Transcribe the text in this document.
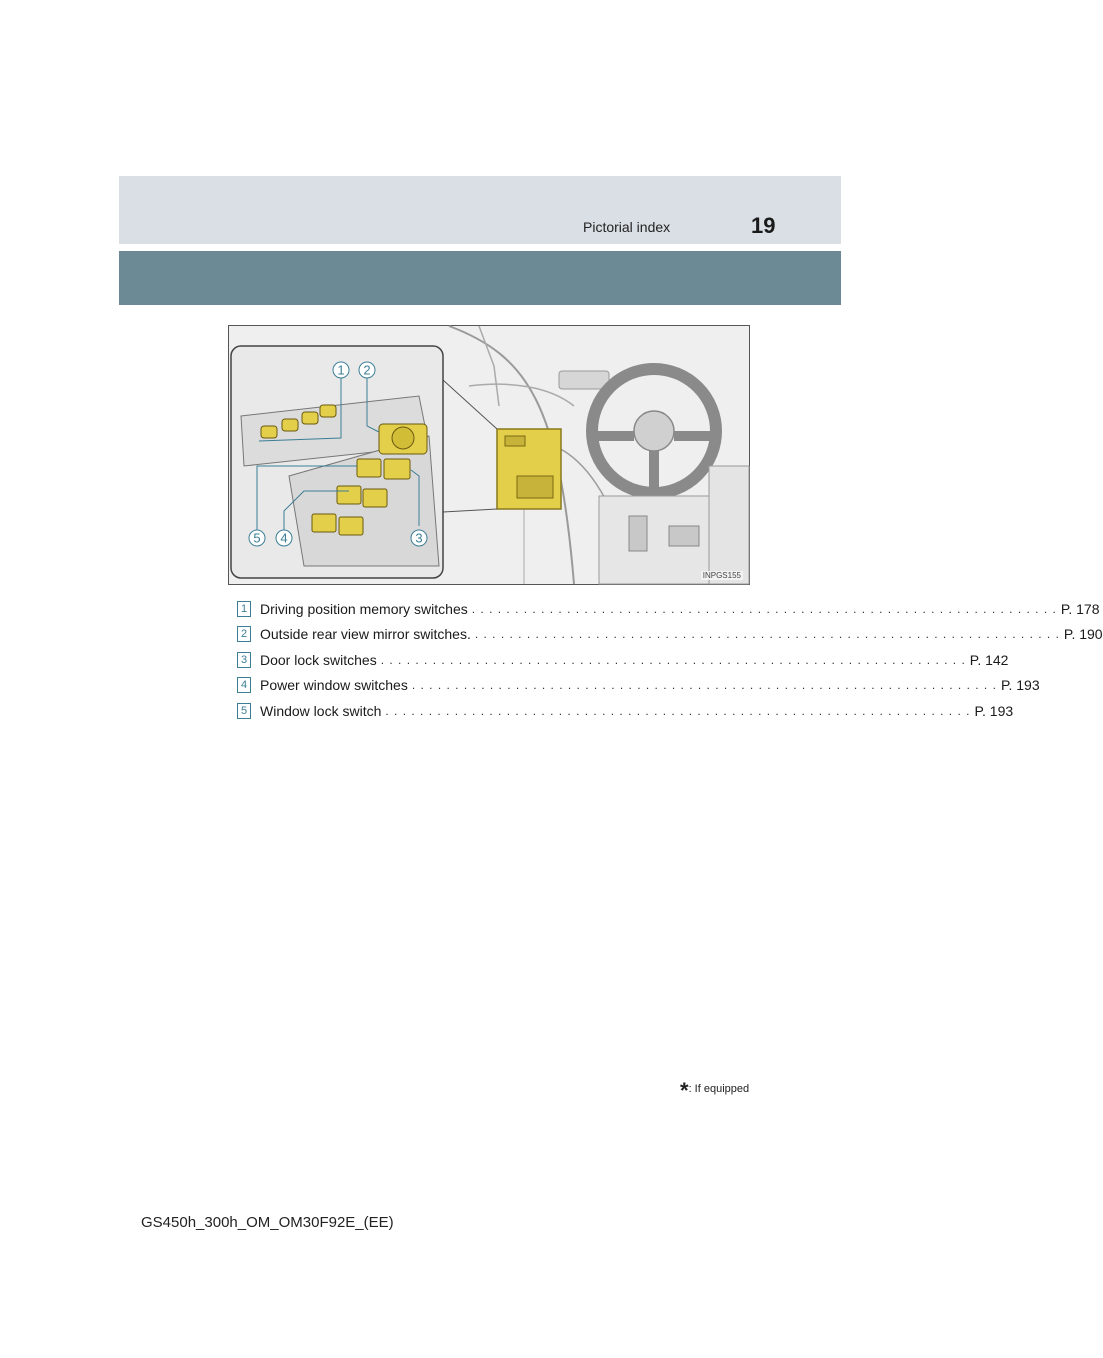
Pictorial index	19
1 2
3
4
5
INPGS155
1 Driving position memory switches . . . . . . . . . . . . . . . . . . . . . . . . . . . . . . . . . . . . . . . . . . . . . . . . . . . . . . . . . . . . . . . . . . . . P. 178
2 Outside rear view mirror switches. . . . . . . . . . . . . . . . . . . . . . . . . . . . . . . . . . . . . . . . . . . . . . . . . . . . . . . . . . . . . . . . . . . . . P. 190
3 Door lock switches . . . . . . . . . . . . . . . . . . . . . . . . . . . . . . . . . . . . . . . . . . . . . . . . . . . . . . . . . . . . . . . . . . . . P. 142
4 Power window switches . . . . . . . . . . . . . . . . . . . . . . . . . . . . . . . . . . . . . . . . . . . . . . . . . . . . . . . . . . . . . . . . . . . . P. 193
5 Window lock switch . . . . . . . . . . . . . . . . . . . . . . . . . . . . . . . . . . . . . . . . . . . . . . . . . . . . . . . . . . . . . . . . . . . . P. 193
*: If equipped
GS450h_300h_OM_OM30F92E_(EE)
